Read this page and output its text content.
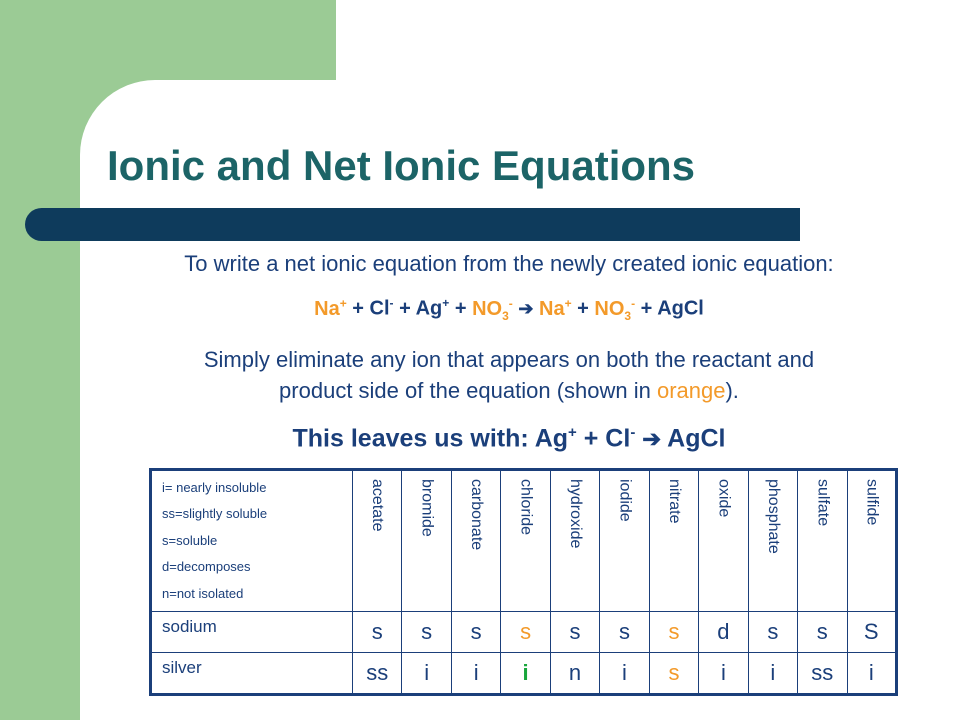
Ionic and Net Ionic Equations
To write a net ionic equation from the newly created ionic equation:
$Na^+ + Cl^- + Ag^+ + NO_3^-$ ➔ $Na^+ + NO_3^-$ + AgCl
Simply eliminate any ion that appears on both the reactant and
product side of the equation (shown in orange).
This leaves us with: Ag+ + Cl- ➔ AgCl
i= nearly insoluble
ss=slightly soluble
s=soluble
d=decomposes
n=not isolated	acetate	bromide	carbonate	chloride	hydroxide	iodide	nitrate	oxide	phosphate	sulfate	sulfide
sodium	s	s	s	s	s	s	s	d	s	s	S
silver	ss	i	i	i	n	i	s	i	i	ss	i
